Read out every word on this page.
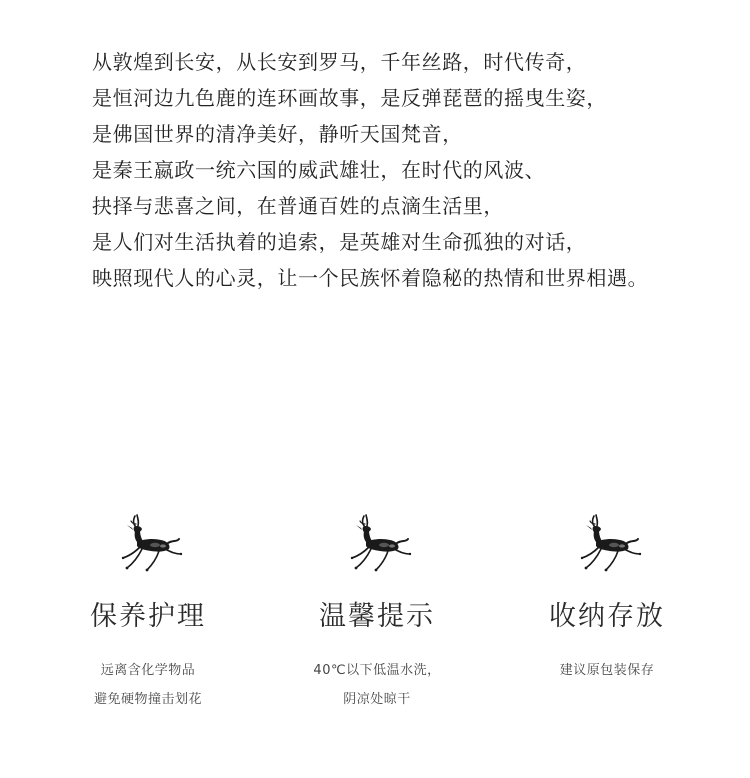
从敦煌到长安，从长安到罗马，千年丝路，时代传奇，
是恒河边九色鹿的连环画故事，是反弹琵琶的摇曳生姿，
是佛国世界的清净美好，静听天国梵音，
是秦王嬴政一统六国的威武雄壮，在时代的风波、
抉择与悲喜之间，在普通百姓的点滴生活里，
是人们对生活执着的追索，是英雄对生命孤独的对话，
映照现代人的心灵，让一个民族怀着隐秘的热情和世界相遇。
保养护理
远离含化学物品
避免硬物撞击划花
温馨提示
40℃以下低温水洗，
阴凉处晾干
收纳存放
建议原包装保存
